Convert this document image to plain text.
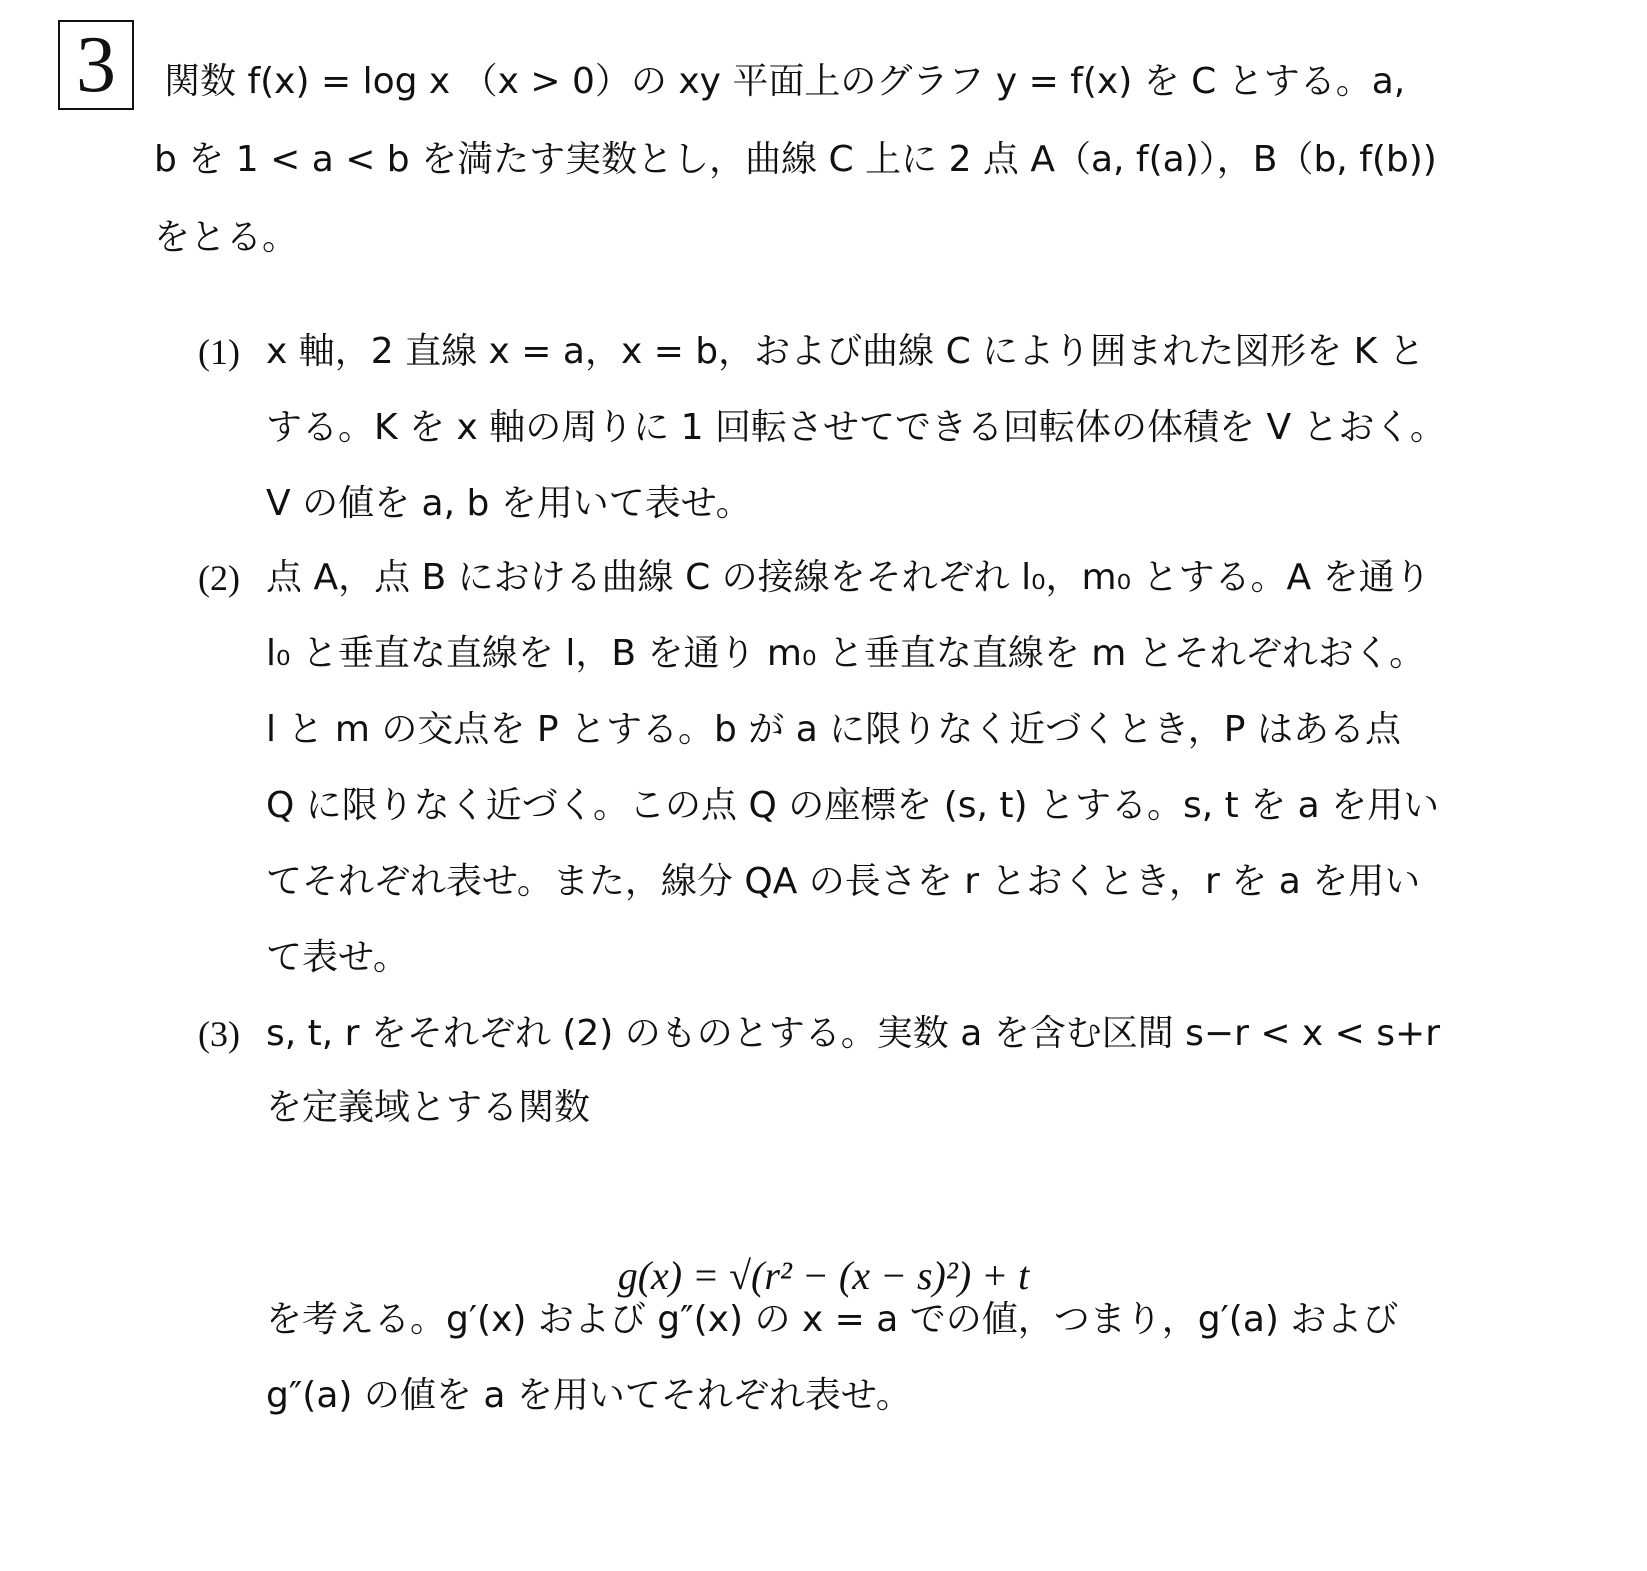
3	関数 f(x) = log x （x > 0）の xy 平面上のグラフ y = f(x) を C とする。a,

b を 1 < a < b を満たす実数とし，曲線 C 上に 2 点 A（a, f(a)），B（b, f(b))

をとる。

(1) x 軸，2 直線 x = a，x = b，および曲線 C により囲まれた図形を K と

する。K を x 軸の周りに 1 回転させてできる回転体の体積を V とおく。

V の値を a, b を用いて表せ。

(2) 点 A，点 B における曲線 C の接線をそれぞれ l₀，m₀ とする。A を通り

l₀ と垂直な直線を l，B を通り m₀ と垂直な直線を m とそれぞれおく。

l と m の交点を P とする。b が a に限りなく近づくとき，P はある点

Q に限りなく近づく。この点 Q の座標を (s, t) とする。s, t を a を用い

てそれぞれ表せ。また，線分 QA の長さを r とおくとき，r を a を用い

て表せ。

(3) s, t, r をそれぞれ (2) のものとする。実数 a を含む区間 s−r < x < s+r

を定義域とする関数

g(x) = √(r² − (x − s)²) + t

を考える。g′(x) および g″(x) の x = a での値，つまり，g′(a) および

g″(a) の値を a を用いてそれぞれ表せ。
